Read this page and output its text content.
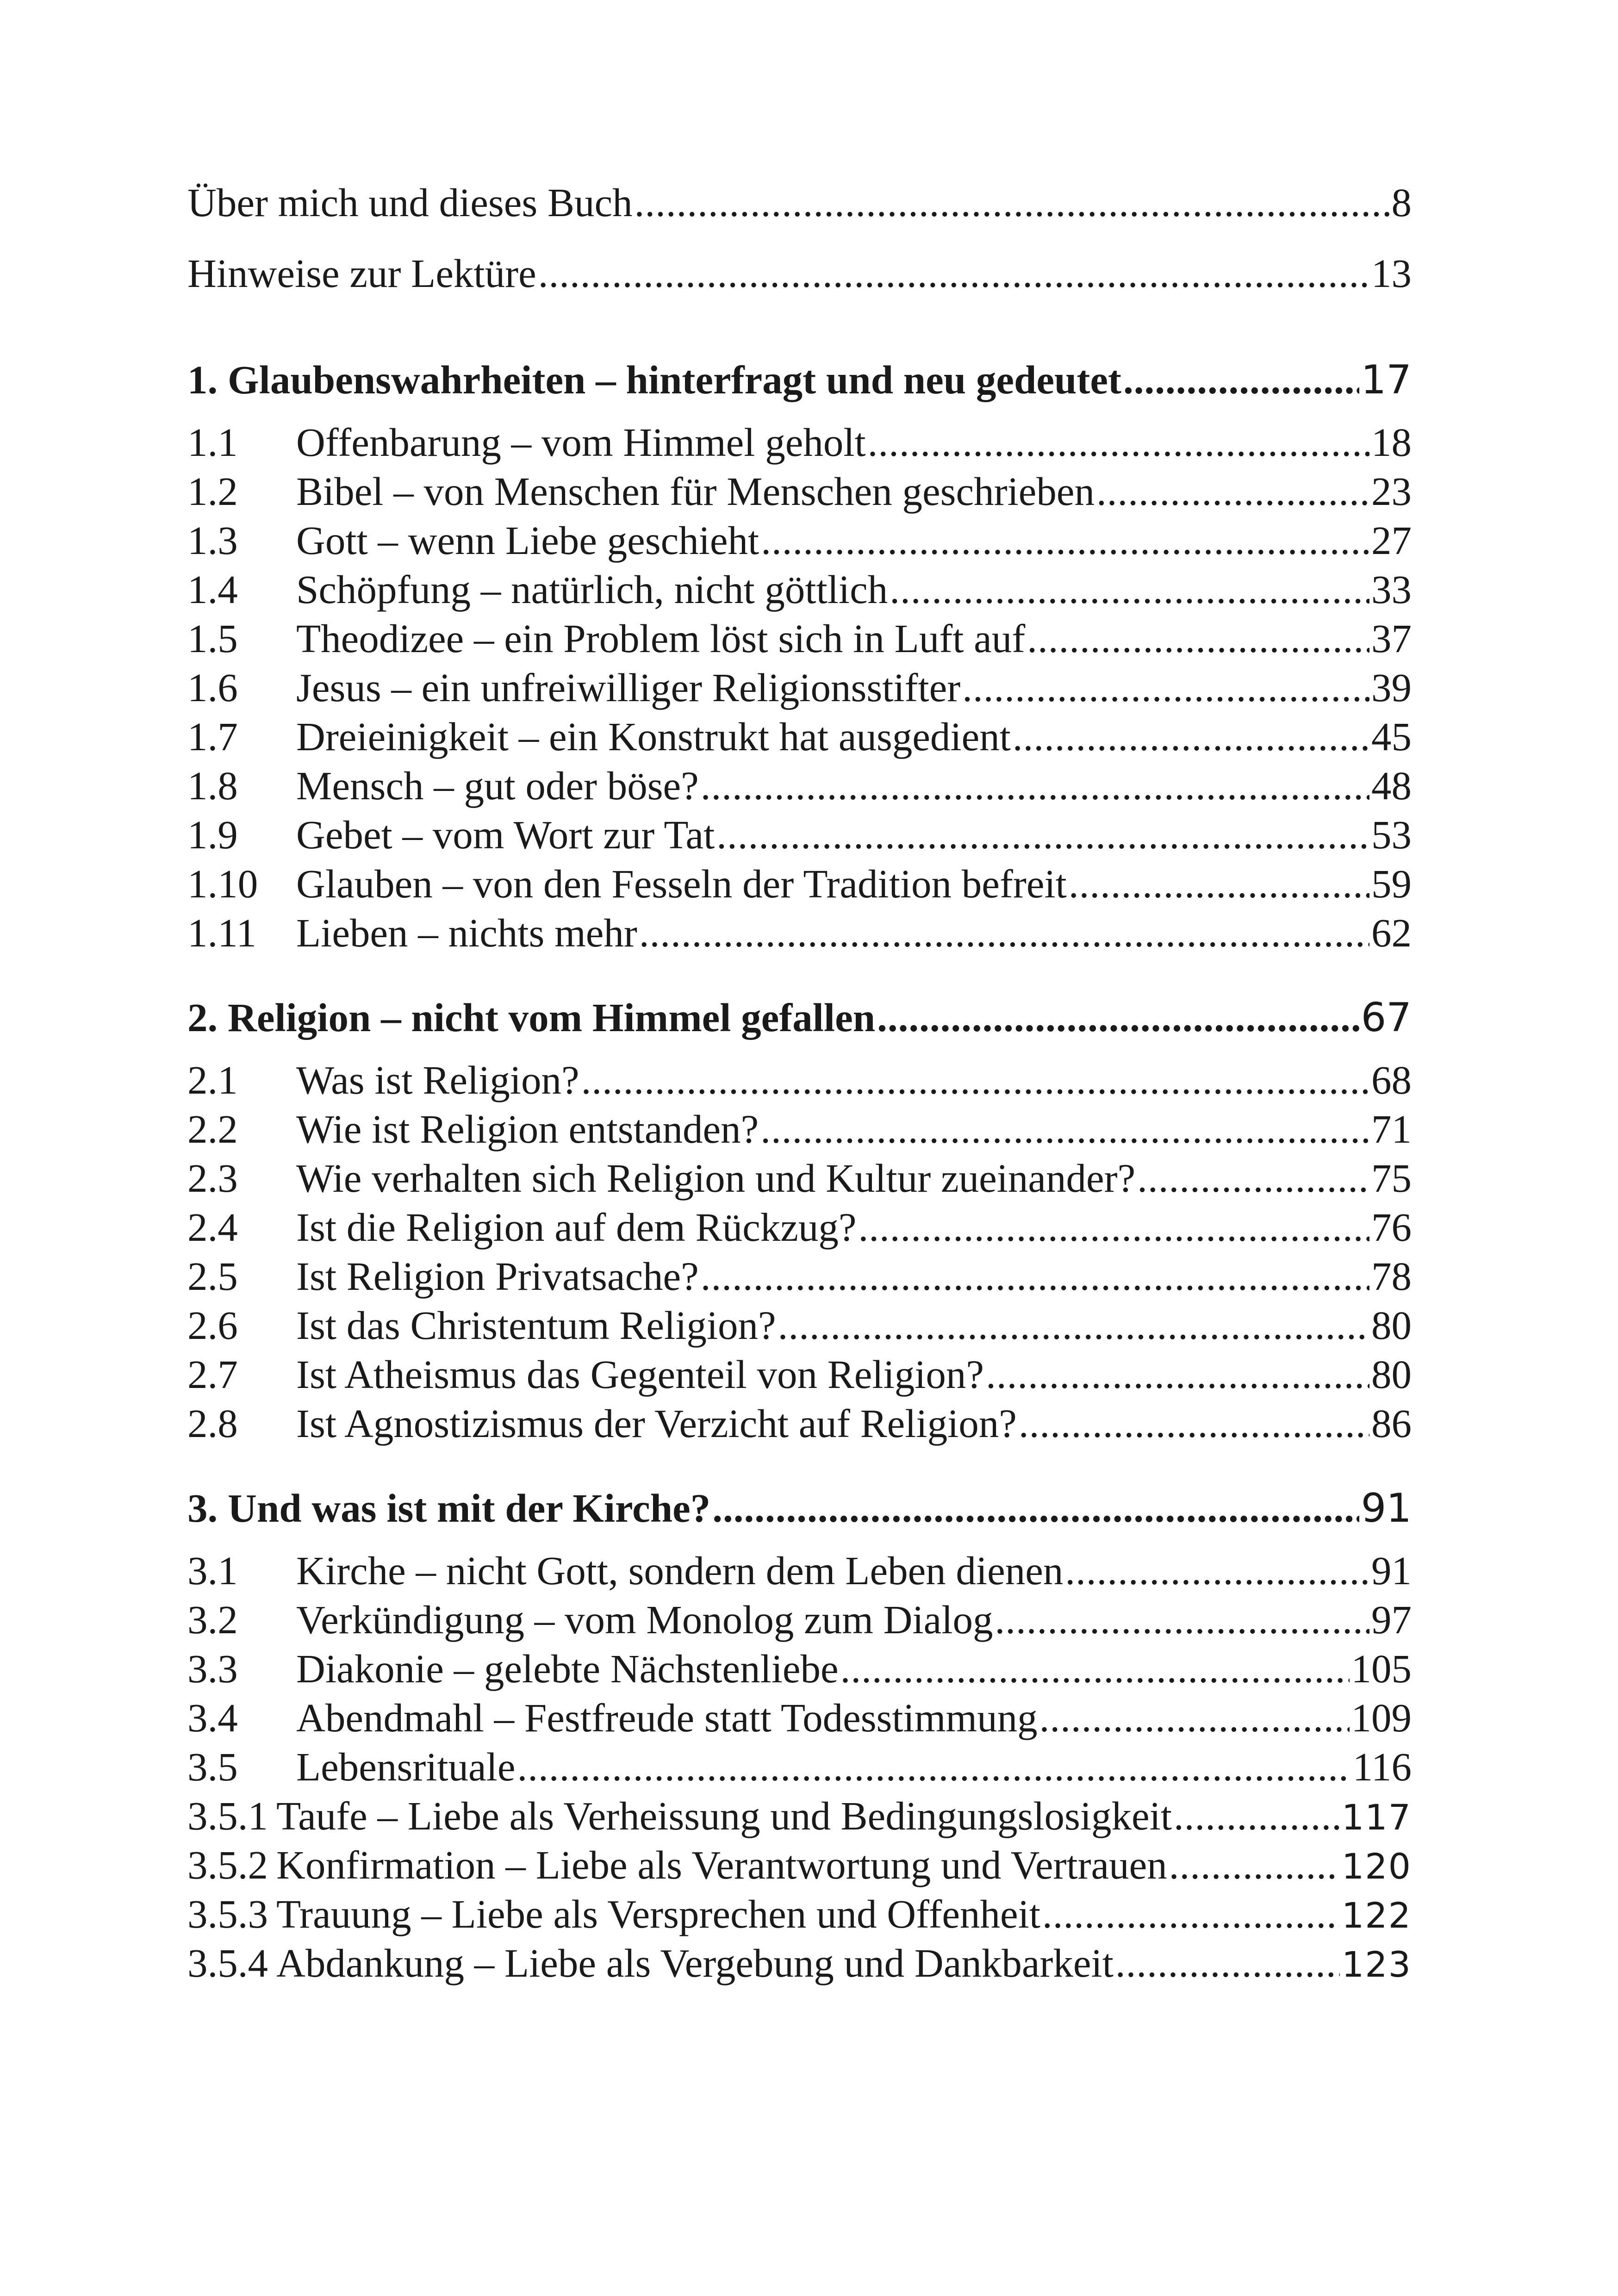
Über mich und dieses Buch .....	8
Hinweise zur Lektüre .....	13
1. Glaubenswahrheiten – hinterfragt und neu gedeutet .....	17
1.1	Offenbarung – vom Himmel geholt .....	18
1.2	Bibel – von Menschen für Menschen geschrieben .....	23
1.3	Gott – wenn Liebe geschieht .....	27
1.4	Schöpfung – natürlich, nicht göttlich .....	33
1.5	Theodizee – ein Problem löst sich in Luft auf .....	37
1.6	Jesus – ein unfreiwilliger Religionsstifter .....	39
1.7	Dreieinigkeit – ein Konstrukt hat ausgedient .....	45
1.8	Mensch – gut oder böse? .....	48
1.9	Gebet – vom Wort zur Tat .....	53
1.10 Glauben – von den Fesseln der Tradition befreit .....	59
1.11 Lieben – nichts mehr .....	62
2. Religion – nicht vom Himmel gefallen .....	67
2.1	Was ist Religion? .....	68
2.2	Wie ist Religion entstanden? .....	71
2.3	Wie verhalten sich Religion und Kultur zueinander? .....	75
2.4	Ist die Religion auf dem Rückzug? .....	76
2.5	Ist Religion Privatsache? .....	78
2.6	Ist das Christentum Religion? .....	80
2.7	Ist Atheismus das Gegenteil von Religion? .....	80
2.8	Ist Agnostizismus der Verzicht auf Religion? .....	86
3. Und was ist mit der Kirche? .....	91
3.1	Kirche – nicht Gott, sondern dem Leben dienen .....	91
3.2	Verkündigung – vom Monolog zum Dialog .....	97
3.3	Diakonie – gelebte Nächstenliebe .....	105
3.4	Abendmahl – Festfreude statt Todesstimmung .....	109
3.5	Lebensrituale .....	116
3.5.1 Taufe – Liebe als Verheissung und Bedingungslosigkeit .....	117
3.5.2 Konfirmation – Liebe als Verantwortung und Vertrauen .....	120
3.5.3 Trauung – Liebe als Versprechen und Offenheit .....	122
3.5.4 Abdankung – Liebe als Vergebung und Dankbarkeit .....	123
